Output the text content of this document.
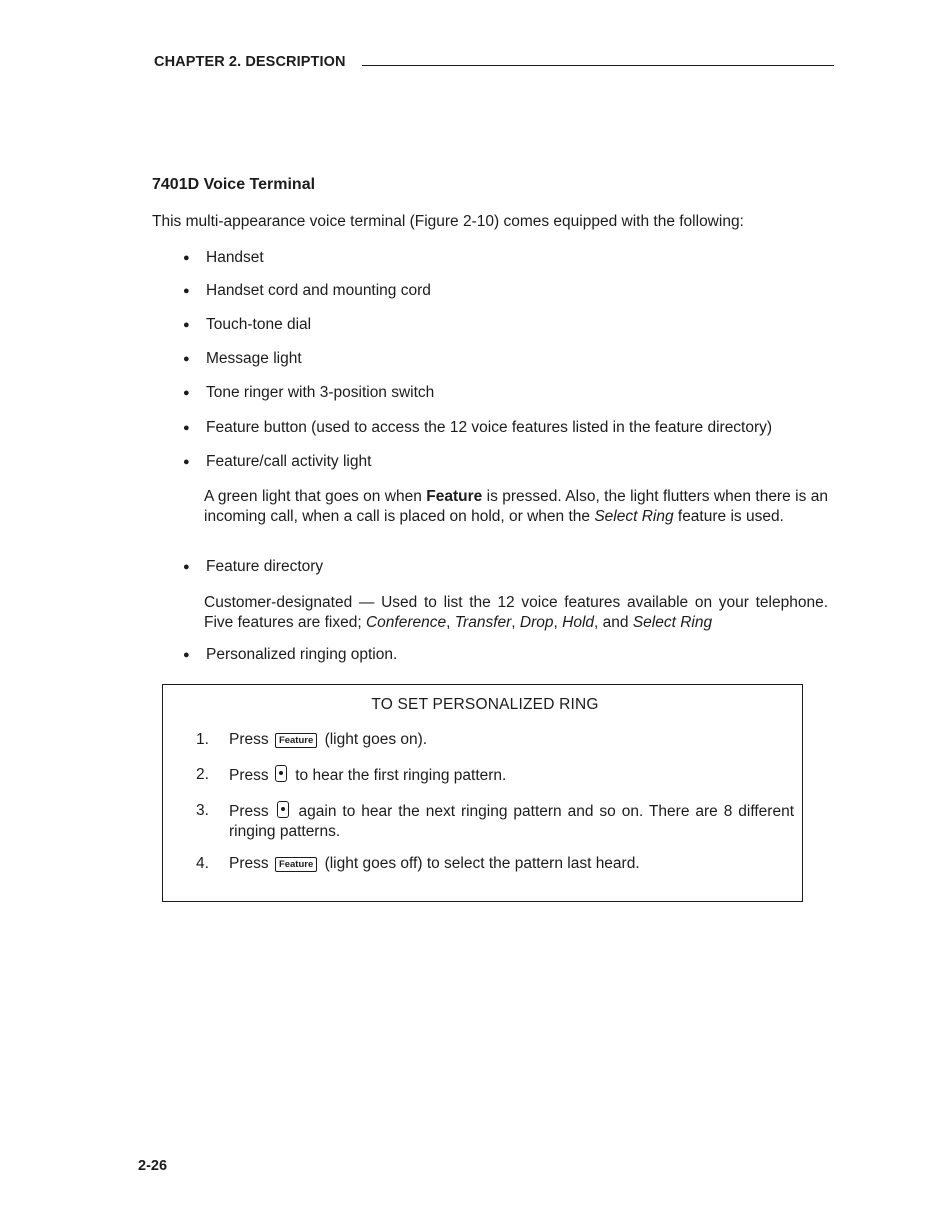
CHAPTER 2. DESCRIPTION
7401D Voice Terminal
This multi-appearance voice terminal (Figure 2-10) comes equipped with the following:
●	Handset
●	Handset cord and mounting cord
●	Touch-tone dial
●	Message light
●	Tone ringer with 3-position switch
●	Feature button (used to access the 12 voice features listed in the feature directory)
●	Feature/call activity light
●	Feature directory
●	Personalized ringing option.
A green light that goes on when Feature is pressed. Also, the light flutters when there is an incoming call, when a call is placed on hold, or when the Select Ring feature is used.
Customer-designated — Used to list the 12 voice features available on your telephone. Five features are fixed; Conference, Transfer, Drop, Hold, and Select Ring
TO SET PERSONALIZED RING
1. Press Feature (light goes on).
2. Press to hear the first ringing pattern.
3. Press again to hear the next ringing pattern and so on. There are 8 different ringing patterns.
4. Press Feature (light goes off) to select the pattern last heard.
2-26
